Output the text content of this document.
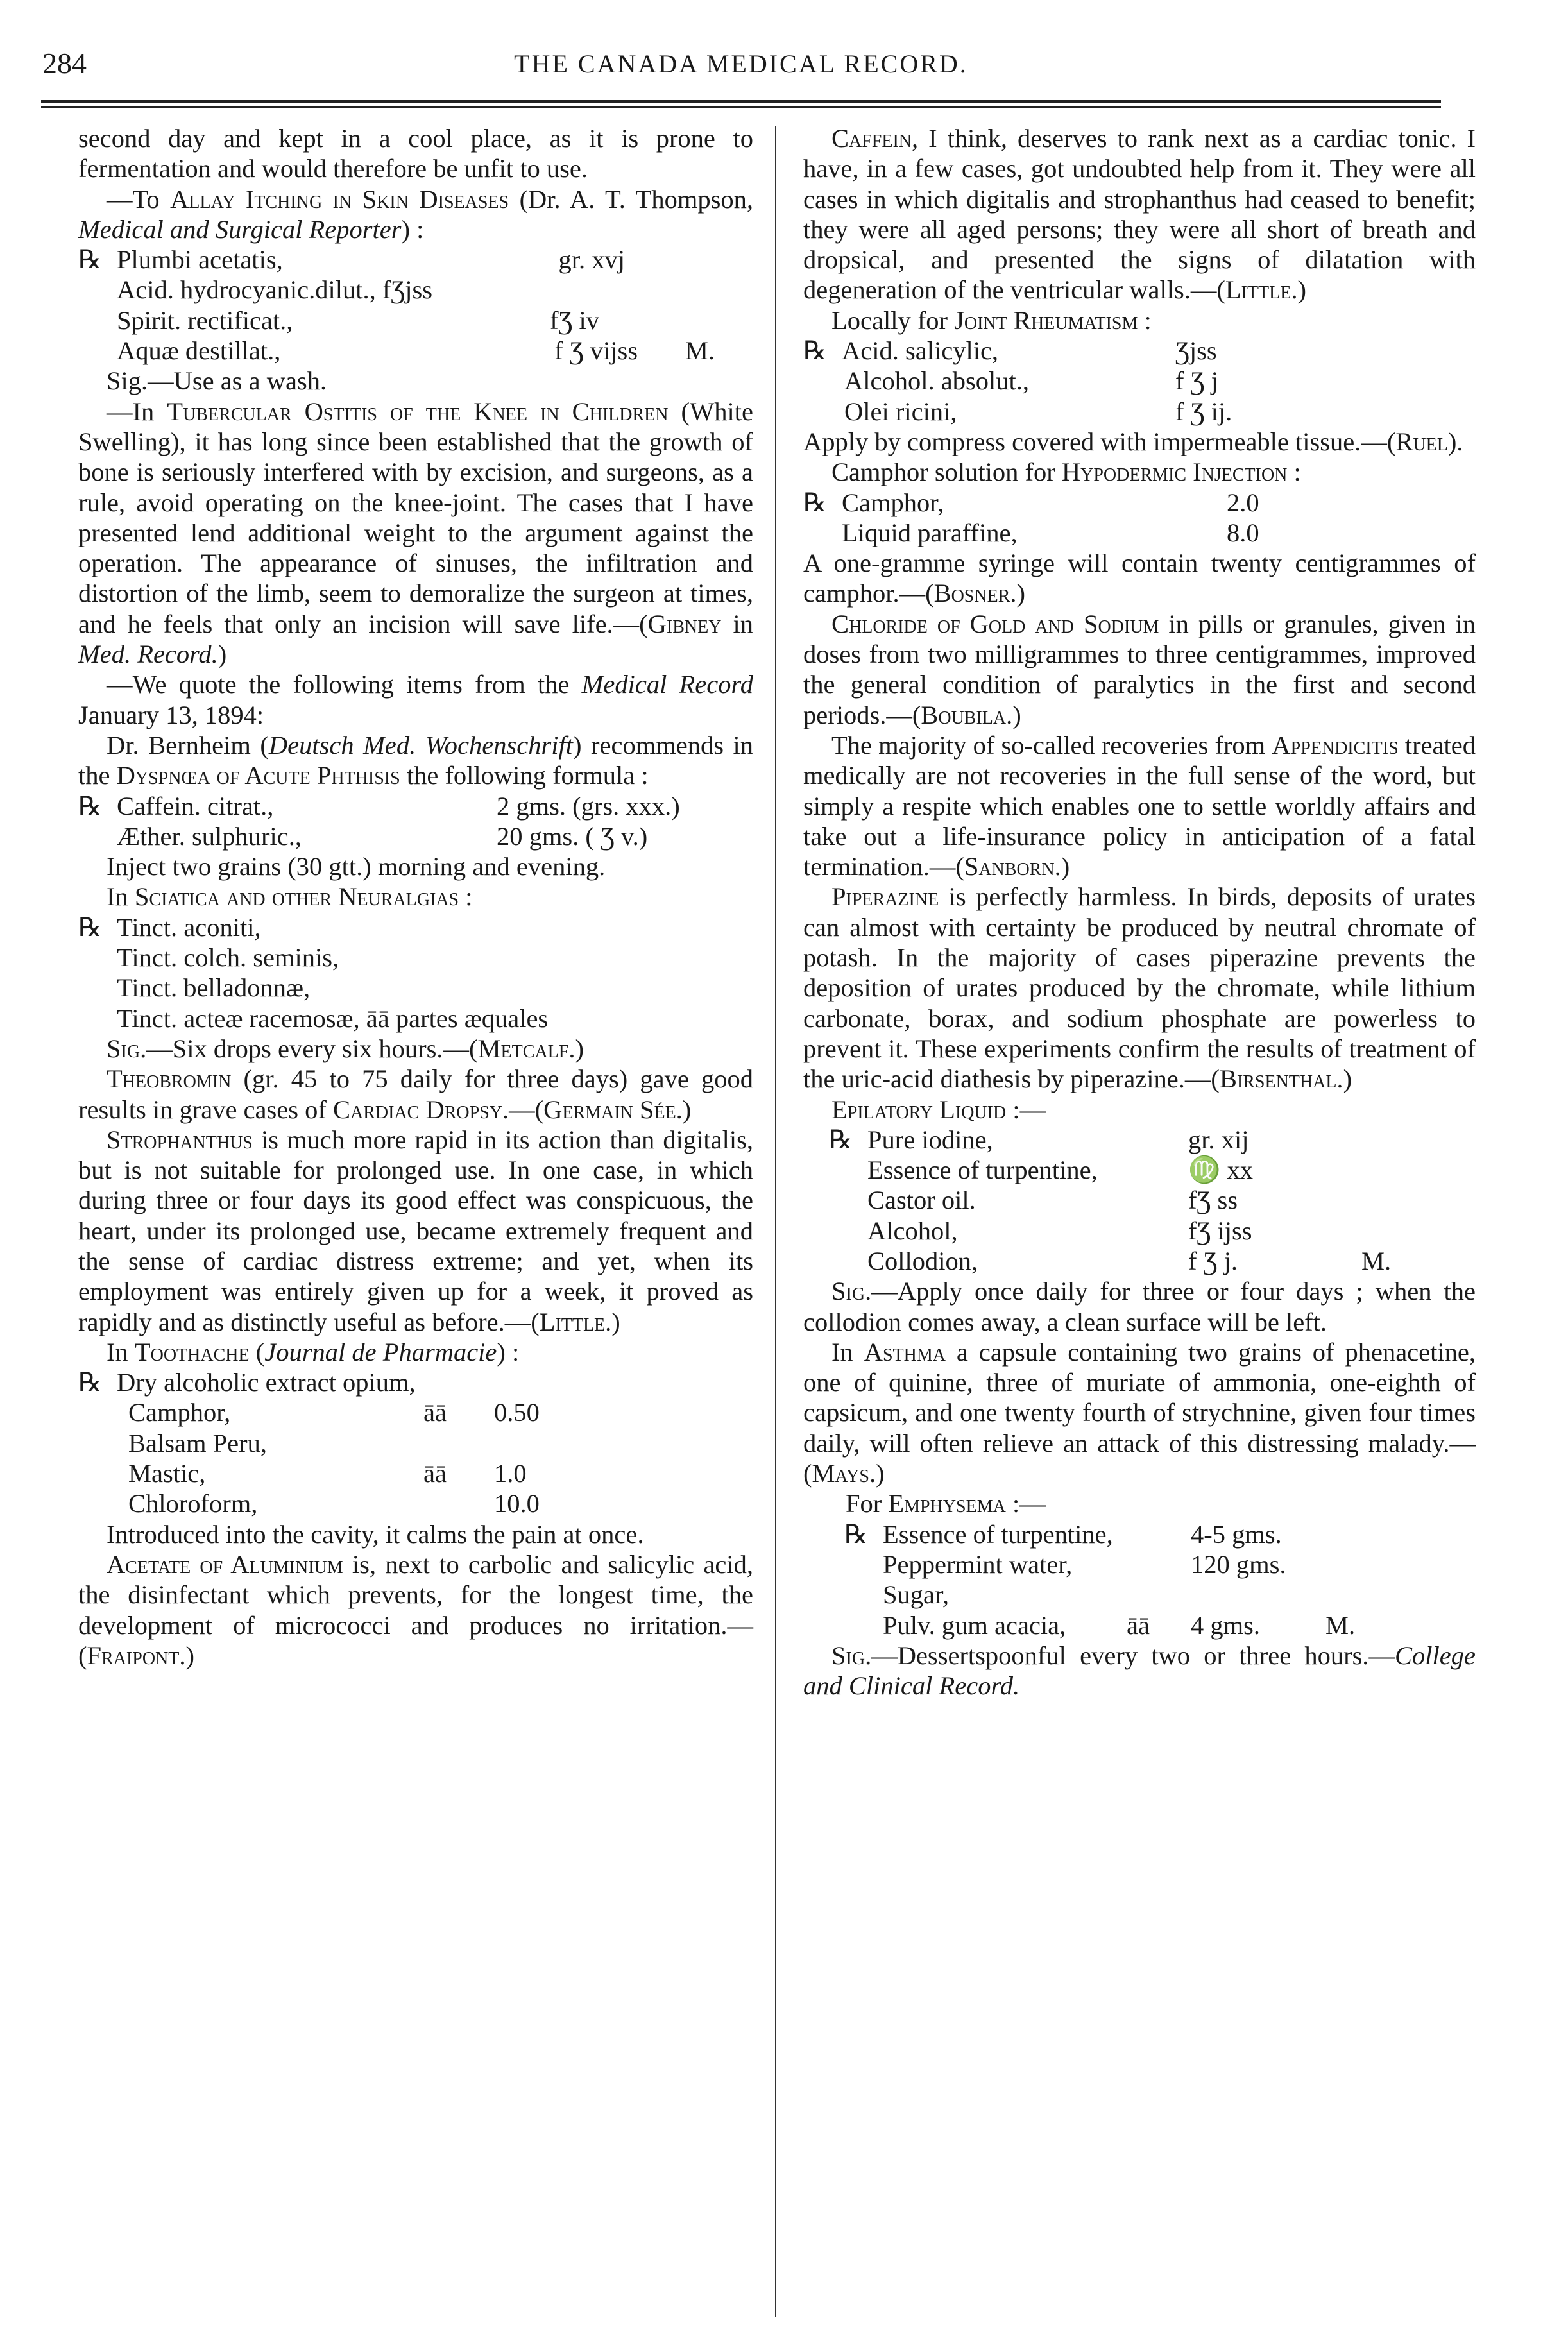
284	THE CANADA MEDICAL RECORD.

second day and kept in a cool place, as it is prone to fermentation and would therefore be unfit to use.

—To Allay Itching in Skin Diseases (Dr. A. T. Thompson, Medical and Surgical Reporter) :

℞ Plumbi acetatis,	gr. xvj
Acid. hydrocyanic.dilut., fƷjss
Spirit. rectificat.,	fƷ iv
Aquæ destillat.,	f Ʒ vijss	M.

Sig.—Use as a wash.

—In Tubercular Ostitis of the Knee in Children (White Swelling), it has long since been established that the growth of bone is seriously interfered with by excision, and surgeons, as a rule, avoid operating on the knee-joint. The cases that I have presented lend additional weight to the argument against the operation. The appearance of sinuses, the infiltration and distortion of the limb, seem to demoralize the surgeon at times, and he feels that only an incision will save life.—(Gibney in Med. Record.)

—We quote the following items from the Medical Record January 13, 1894:

Dr. Bernheim (Deutsch Med. Wochenschrift) recommends in the Dyspnœa of Acute Phthisis the following formula :

℞ Caffein. citrat.,	2 gms. (grs. xxx.)
Æther. sulphuric.,	20 gms. ( Ʒ v.)

Inject two grains (30 gtt.) morning and evening.

In Sciatica and other Neuralgias :

℞ Tinct. aconiti,
Tinct. colch. seminis,
Tinct. belladonnæ,
Tinct. acteæ racemosæ, āā partes æquales

Sig.—Six drops every six hours.—(Metcalf.)

Theobromin (gr. 45 to 75 daily for three days) gave good results in grave cases of Cardiac Dropsy.—(Germain Sée.)

Strophanthus is much more rapid in its action than digitalis, but is not suitable for prolonged use. In one case, in which during three or four days its good effect was conspicuous, the heart, under its prolonged use, became extremely frequent and the sense of cardiac distress extreme; and yet, when its employment was entirely given up for a week, it proved as rapidly and as distinctly useful as before.—(Little.)

In Toothache (Journal de Pharmacie) :

℞ Dry alcoholic extract opium,
Camphor,	āā	0.50
Balsam Peru,
Mastic,	āā	1.0
Chloroform,	10.0

Introduced into the cavity, it calms the pain at once.

Acetate of Aluminium is, next to carbolic and salicylic acid, the disinfectant which prevents, for the longest time, the development of micrococci and produces no irritation.—(Fraipont.)

Caffein, I think, deserves to rank next as a cardiac tonic. I have, in a few cases, got undoubted help from it. They were all cases in which digitalis and strophanthus had ceased to benefit; they were all aged persons; they were all short of breath and dropsical, and presented the signs of dilatation with degeneration of the ventricular walls.—(Little.)

Locally for Joint Rheumatism :

℞ Acid. salicylic,	Ʒjss
Alcohol. absolut.,	f Ʒ j
Olei ricini,	f Ʒ ij.

Apply by compress covered with impermeable tissue.—(Ruel).

Camphor solution for Hypodermic Injection :

℞ Camphor,	2.0
Liquid paraffine,	8.0

A one-gramme syringe will contain twenty centigrammes of camphor.—(Bosner.)

Chloride of Gold and Sodium in pills or granules, given in doses from two milligrammes to three centigrammes, improved the general condition of paralytics in the first and second periods.—(Boubila.)

The majority of so-called recoveries from Appendicitis treated medically are not recoveries in the full sense of the word, but simply a respite which enables one to settle worldly affairs and take out a life-insurance policy in anticipation of a fatal termination.—(Sanborn.)

Piperazine is perfectly harmless. In birds, deposits of urates can almost with certainty be produced by neutral chromate of potash. In the majority of cases piperazine prevents the deposition of urates produced by the chromate, while lithium carbonate, borax, and sodium phosphate are powerless to prevent it. These experiments confirm the results of treatment of the uric-acid diathesis by piperazine.—(Birsenthal.)

Epilatory Liquid :—

℞ Pure iodine,	gr. xij
Essence of turpentine,	♍ xx
Castor oil.	fƷ ss
Alcohol,	fƷ ijss
Collodion,	f Ʒ j.	M.

Sig.—Apply once daily for three or four days ; when the collodion comes away, a clean surface will be left.

In Asthma a capsule containing two grains of phenacetine, one of quinine, three of muriate of ammonia, one-eighth of capsicum, and one twenty fourth of strychnine, given four times daily, will often relieve an attack of this distressing malady.—(Mays.)

For Emphysema :—

℞ Essence of turpentine,	4-5 gms.
Peppermint water,	120 gms.
Sugar,
Pulv. gum acacia,	āā	4 gms.	M.

Sig.—Dessertspoonful every two or three hours.—College and Clinical Record.
